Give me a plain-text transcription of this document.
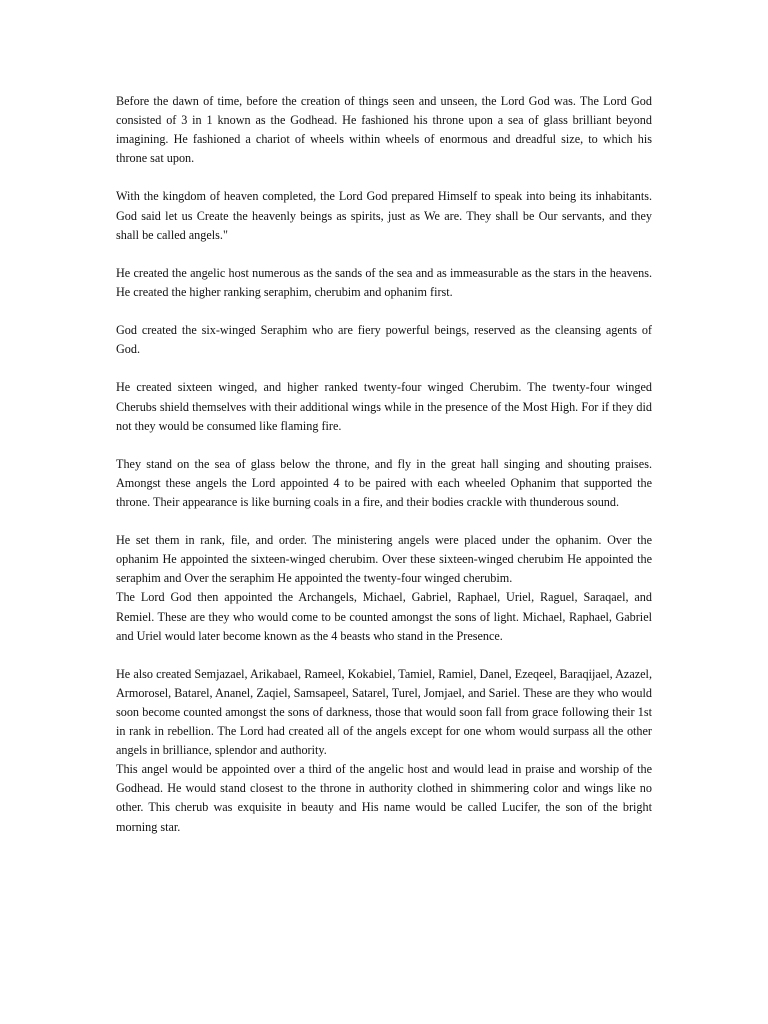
Before the dawn of time, before the creation of things seen and unseen, the Lord God was. The Lord God consisted of 3 in 1 known as the Godhead. He fashioned his throne upon a sea of glass brilliant beyond imagining. He fashioned a chariot of wheels within wheels of enormous and dreadful size, to which his throne sat upon.

With the kingdom of heaven completed, the Lord God prepared Himself to speak into being its inhabitants. God said let us Create the heavenly beings as spirits, just as We are. They shall be Our servants, and they shall be called angels."

He created the angelic host numerous as the sands of the sea and as immeasurable as the stars in the heavens. He created the higher ranking seraphim, cherubim and ophanim first.

God created the six-winged Seraphim who are fiery powerful beings, reserved as the cleansing agents of God.

He created sixteen winged, and higher ranked twenty-four winged Cherubim. The twenty-four winged Cherubs shield themselves with their additional wings while in the presence of the Most High. For if they did not they would be consumed like flaming fire.

They stand on the sea of glass below the throne, and fly in the great hall singing and shouting praises. Amongst these angels the Lord appointed 4 to be paired with each wheeled Ophanim that supported the throne. Their appearance is like burning coals in a fire, and their bodies crackle with thunderous sound.

He set them in rank, file, and order. The ministering angels were placed under the ophanim. Over the ophanim He appointed the sixteen-winged cherubim. Over these sixteen-winged cherubim He appointed the seraphim and Over the seraphim He appointed the twenty-four winged cherubim.

The Lord God then appointed the Archangels, Michael, Gabriel, Raphael, Uriel, Raguel, Saraqael, and Remiel. These are they who would come to be counted amongst the sons of light. Michael, Raphael, Gabriel and Uriel would later become known as the 4 beasts who stand in the Presence.

He also created Semjazael, Arikabael, Rameel, Kokabiel, Tamiel, Ramiel, Danel, Ezeqeel, Baraqijael, Azazel, Armorosel, Batarel, Ananel, Zaqiel, Samsapeel, Satarel, Turel, Jomjael, and Sariel. These are they who would soon become counted amongst the sons of darkness, those that would soon fall from grace following their 1st in rank in rebellion. The Lord had created all of the angels except for one whom would surpass all the other angels in brilliance, splendor and authority.

This angel would be appointed over a third of the angelic host and would lead in praise and worship of the Godhead. He would stand closest to the throne in authority clothed in shimmering color and wings like no other. This cherub was exquisite in beauty and His name would be called Lucifer, the son of the bright morning star.
